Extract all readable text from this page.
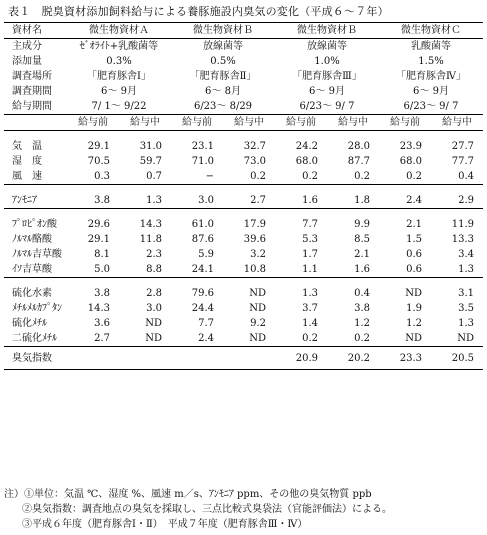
表１　脱臭資材添加飼料給与による養豚施設内臭気の変化（平成６〜７年）
資材名	微生物資材Ａ		微生物資材Ｂ		微生物資材Ｂ		微生物資材Ｃ	
主成分	ｾﾞｵﾗｲﾄ+乳酸菌等		放線菌等		放線菌等		乳酸菌等	
添加量	0.3%		0.5%		1.0%		1.5%	
調査場所	「肥育豚舎Ⅰ」		「肥育豚舎Ⅱ」		「肥育豚舎Ⅲ」		「肥育豚舎Ⅳ」	
調査期間	6〜 9月		6〜 8月		6〜 9月		6〜 9月	
給与期間	7/ 1〜 9/22		6/23〜 8/29		6/23〜 9/ 7		6/23〜 9/ 7	
	給与前	給与中	給与前	給与中	給与前	給与中	給与前	給与中

気　温	29.1	31.0	23.1	32.7	24.2	28.0	23.9	27.7
湿　度	70.5	59.7	71.0	73.0	68.0	87.7	68.0	77.7
風　速	0.3	0.7	−	0.2	0.2	0.2	0.2	0.4

ｱﾝﾓﾆｱ	3.8	1.3	3.0	2.7	1.6	1.8	2.4	2.9

ﾌﾟﾛﾋﾟｵﾝ酸	29.6	14.3	61.0	17.9	7.7	9.9	2.1	11.9
ﾉﾙﾏﾙ酪酸	29.1	11.8	87.6	39.6	5.3	8.5	1.5	13.3
ﾉﾙﾏﾙ吉草酸	8.1	2.3	5.9	3.2	1.7	2.1	0.6	3.4
ｲｿ吉草酸	5.0	8.8	24.1	10.8	1.1	1.6	0.6	1.3

硫化水素	3.8	2.8	79.6	ND	1.3	0.4	ND	3.1
ﾒﾁﾙﾒﾙｶﾌﾟﾀﾝ	14.3	3.0	24.4	ND	3.7	3.8	1.9	3.5
硫化ﾒﾁﾙ	3.6	ND	7.7	9.2	1.4	1.2	1.2	1.3
二硫化ﾒﾁﾙ	2.7	ND	2.4	ND	0.2	0.2	ND	ND
臭気指数					20.9	20.2	23.3	20.5
注）①単位：気温 ℃、湿度 %、風速 m／s、ｱﾝﾓﾆｱ ppm、その他の臭気物質 ppb
②臭気指数：調査地点の臭気を採取し、三点比較式臭袋法（官能評価法）による。
③平成６年度（肥育豚舎Ⅰ・Ⅱ）　平成７年度（肥育豚舎Ⅲ・Ⅳ）
